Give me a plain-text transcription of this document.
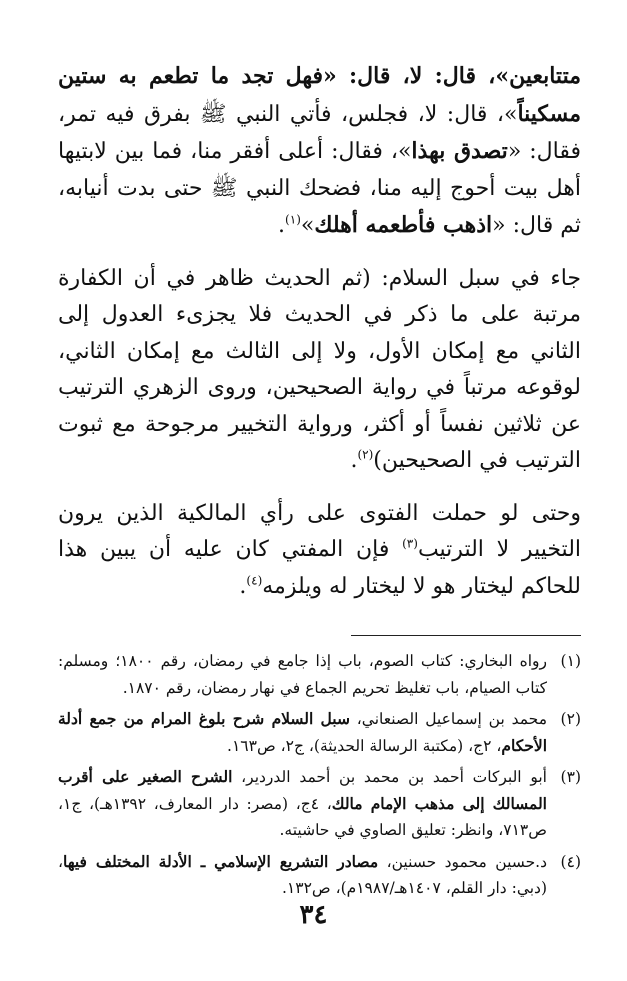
متتابعين»، قال: لا، قال: «فهل تجد ما تطعم به ستين مسكيناً»، قال: لا، فجلس، فأتي النبي ﷺ بفرق فيه تمر، فقال: «تصدق بهذا»، فقال: أعلى أفقر منا، فما بين لابتيها أهل بيت أحوج إليه منا، فضحك النبي ﷺ حتى بدت أنيابه، ثم قال: «اذهب فأطعمه أهلك»$^{(١)}$.

جاء في سبل السلام: (ثم الحديث ظاهر في أن الكفارة مرتبة على ما ذكر في الحديث فلا يجزىء العدول إلى الثاني مع إمكان الأول، ولا إلى الثالث مع إمكان الثاني، لوقوعه مرتباً في رواية الصحيحين، وروى الزهري الترتيب عن ثلاثين نفساً أو أكثر، ورواية التخيير مرجوحة مع ثبوت الترتيب في الصحيحين)$^{(٢)}$.

وحتى لو حملت الفتوى على رأي المالكية الذين يرون التخيير لا الترتيب$^{(٣)}$ فإن المفتي كان عليه أن يبين هذا للحاكم ليختار هو لا ليختار له ويلزمه$^{(٤)}$.

(١)
رواه البخاري: كتاب الصوم، باب إذا جامع في رمضان، رقم ١٨٠٠؛ ومسلم: كتاب الصيام، باب تغليظ تحريم الجماع في نهار رمضان، رقم ١٨٧٠.
(٢)
محمد بن إسماعيل الصنعاني، سبل السلام شرح بلوغ المرام من جمع أدلة الأحكام، ٢ج، (مكتبة الرسالة الحديثة)، ج٢، ص١٦٣.
(٣)
أبو البركات أحمد بن محمد بن أحمد الدردير، الشرح الصغير على أقرب المسالك إلى مذهب الإمام مالك، ٤ج، (مصر: دار المعارف، ١٣٩٢هـ)، ج١، ص٧١٣، وانظر: تعليق الصاوي في حاشيته.
(٤)
د.حسين محمود حسنين، مصادر التشريع الإسلامي ـ الأدلة المختلف فيها، (دبي: دار القلم، ١٤٠٧هـ/١٩٨٧م)، ص١٣٢.
٣٤
